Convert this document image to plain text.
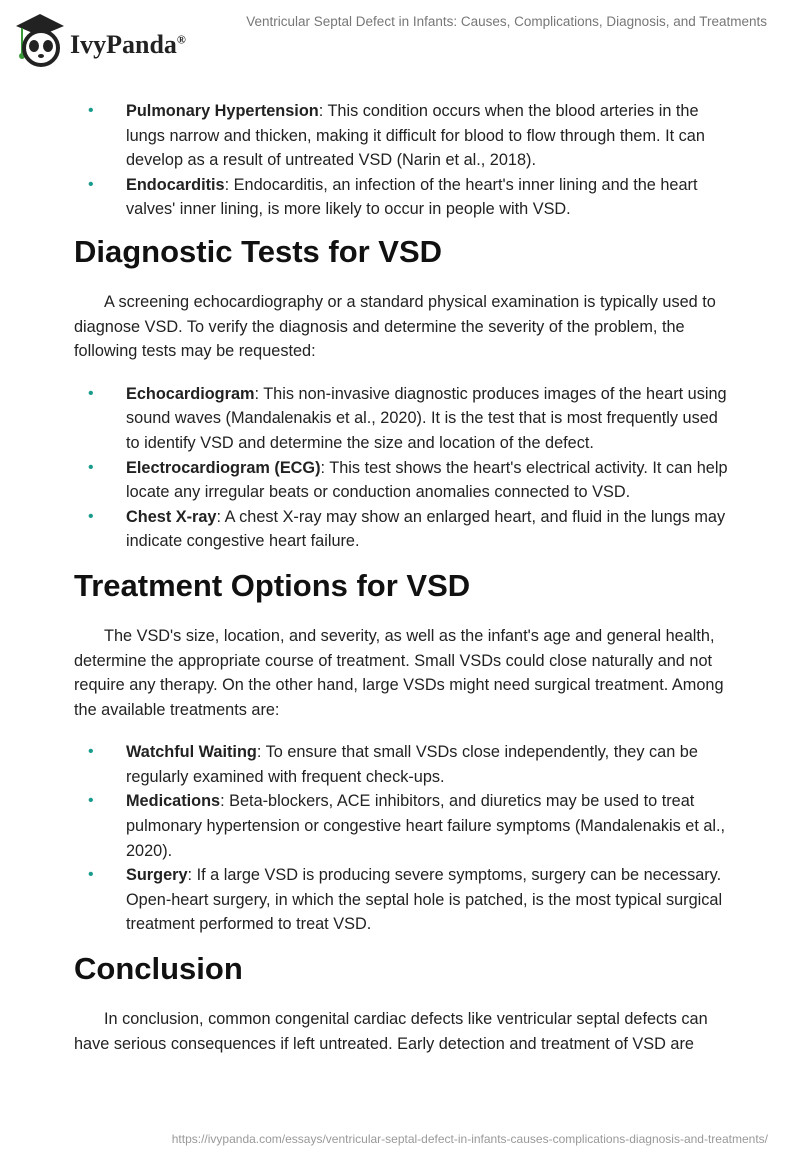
IvyPanda®
Ventricular Septal Defect in Infants: Causes, Complications, Diagnosis, and Treatments
• Pulmonary Hypertension: This condition occurs when the blood arteries in the lungs narrow and thicken, making it difficult for blood to flow through them. It can develop as a result of untreated VSD (Narin et al., 2018).
• Endocarditis: Endocarditis, an infection of the heart's inner lining and the heart valves' inner lining, is more likely to occur in people with VSD.
Diagnostic Tests for VSD

A screening echocardiography or a standard physical examination is typically used to diagnose VSD. To verify the diagnosis and determine the severity of the problem, the following tests may be requested:

• Echocardiogram: This non-invasive diagnostic produces images of the heart using sound waves (Mandalenakis et al., 2020). It is the test that is most frequently used to identify VSD and determine the size and location of the defect.
• Electrocardiogram (ECG): This test shows the heart's electrical activity. It can help locate any irregular beats or conduction anomalies connected to VSD.
• Chest X-ray: A chest X-ray may show an enlarged heart, and fluid in the lungs may indicate congestive heart failure.
Treatment Options for VSD

The VSD's size, location, and severity, as well as the infant's age and general health, determine the appropriate course of treatment. Small VSDs could close naturally and not require any therapy. On the other hand, large VSDs might need surgical treatment. Among the available treatments are:

• Watchful Waiting: To ensure that small VSDs close independently, they can be regularly examined with frequent check-ups.
• Medications: Beta-blockers, ACE inhibitors, and diuretics may be used to treat pulmonary hypertension or congestive heart failure symptoms (Mandalenakis et al., 2020).
• Surgery: If a large VSD is producing severe symptoms, surgery can be necessary. Open-heart surgery, in which the septal hole is patched, is the most typical surgical treatment performed to treat VSD.
Conclusion

In conclusion, common congenital cardiac defects like ventricular septal defects can have serious consequences if left untreated. Early detection and treatment of VSD are

https://ivypanda.com/essays/ventricular-septal-defect-in-infants-causes-complications-diagnosis-and-treatments/
